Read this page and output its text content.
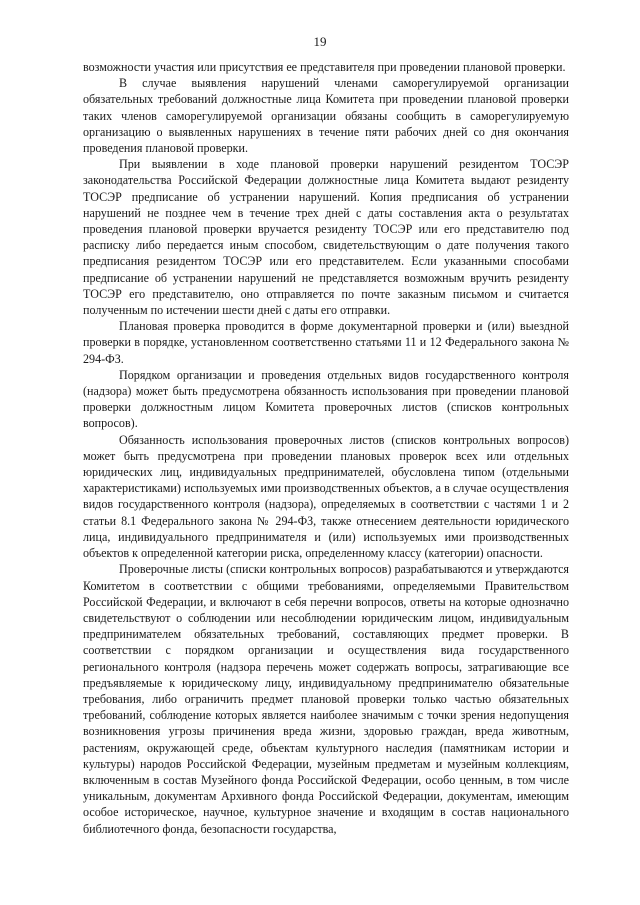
19

возможности участия или присутствия ее представителя при проведении плановой проверки.

В случае выявления нарушений членами саморегулируемой организации обязательных требований должностные лица Комитета при проведении плановой проверки таких членов саморегулируемой организации обязаны сообщить в саморегулируемую организацию о выявленных нарушениях в течение пяти рабочих дней со дня окончания проведения плановой проверки.

При выявлении в ходе плановой проверки нарушений резидентом ТОСЭР законодательства Российской Федерации должностные лица Комитета выдают резиденту ТОСЭР предписание об устранении нарушений. Копия предписания об устранении нарушений не позднее чем в течение трех дней с даты составления акта о результатах проведения плановой проверки вручается резиденту ТОСЭР или его представителю под расписку либо передается иным способом, свидетельствующим о дате получения такого предписания резидентом ТОСЭР или его представителем. Если указанными способами предписание об устранении нарушений не представляется возможным вручить резиденту ТОСЭР его представителю, оно отправляется по почте заказным письмом и считается полученным по истечении шести дней с даты его отправки.

Плановая проверка проводится в форме документарной проверки и (или) выездной проверки в порядке, установленном соответственно статьями 11 и 12 Федерального закона № 294-ФЗ.

Порядком организации и проведения отдельных видов государственного контроля (надзора) может быть предусмотрена обязанность использования при проведении плановой проверки должностным лицом Комитета проверочных листов (списков контрольных вопросов).

Обязанность использования проверочных листов (списков контрольных вопросов) может быть предусмотрена при проведении плановых проверок всех или отдельных юридических лиц, индивидуальных предпринимателей, обусловлена типом (отдельными характеристиками) используемых ими производственных объектов, а в случае осуществления видов государственного контроля (надзора), определяемых в соответствии с частями 1 и 2 статьи 8.1 Федерального закона № 294-ФЗ, также отнесением деятельности юридического лица, индивидуального предпринимателя и (или) используемых ими производственных объектов к определенной категории риска, определенному классу (категории) опасности.

Проверочные листы (списки контрольных вопросов) разрабатываются и утверждаются Комитетом в соответствии с общими требованиями, определяемыми Правительством Российской Федерации, и включают в себя перечни вопросов, ответы на которые однозначно свидетельствуют о соблюдении или несоблюдении юридическим лицом, индивидуальным предпринимателем обязательных требований, составляющих предмет проверки. В соответствии с порядком организации и осуществления вида государственного регионального контроля (надзора перечень может содержать вопросы, затрагивающие все предъявляемые к юридическому лицу, индивидуальному предпринимателю обязательные требования, либо ограничить предмет плановой проверки только частью обязательных требований, соблюдение которых является наиболее значимым с точки зрения недопущения возникновения угрозы причинения вреда жизни, здоровью граждан, вреда животным, растениям, окружающей среде, объектам культурного наследия (памятникам истории и культуры) народов Российской Федерации, музейным предметам и музейным коллекциям, включенным в состав Музейного фонда Российской Федерации, особо ценным, в том числе уникальным, документам Архивного фонда Российской Федерации, документам, имеющим особое историческое, научное, культурное значение и входящим в состав национального библиотечного фонда, безопасности государства,
